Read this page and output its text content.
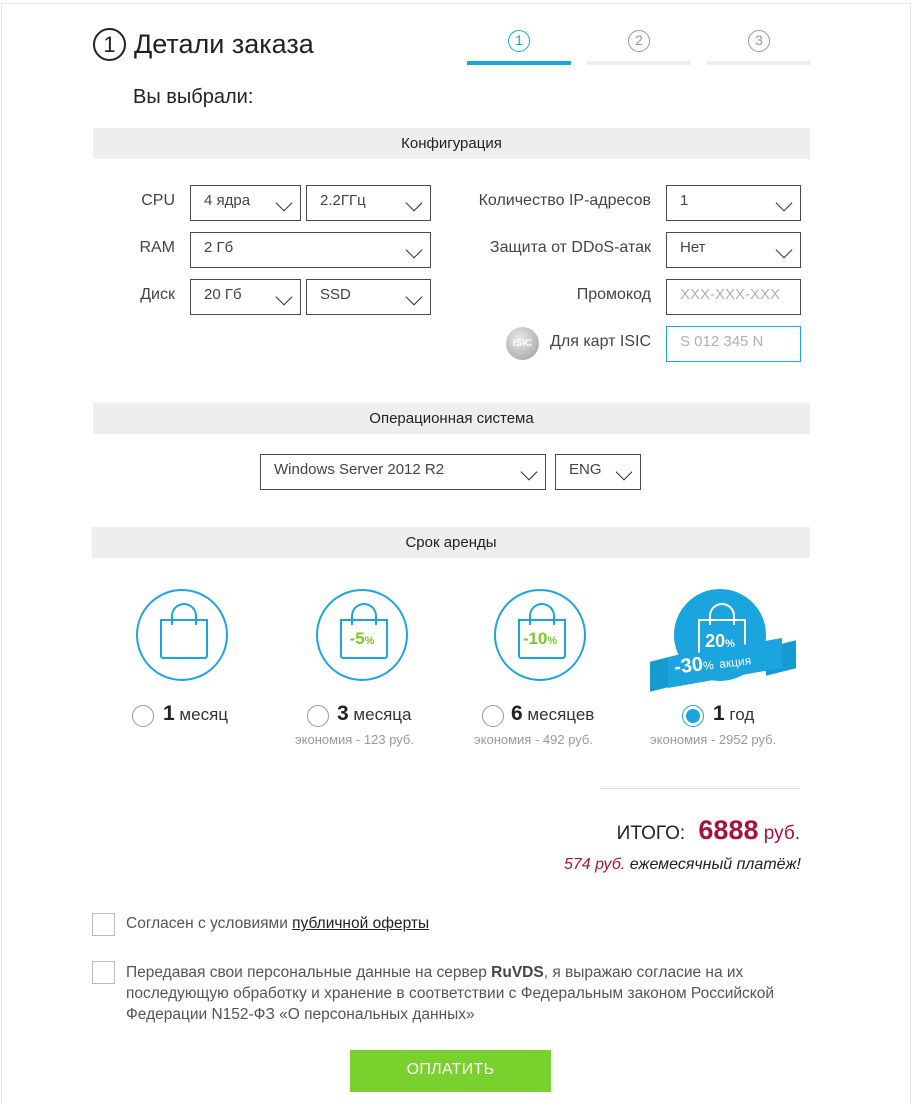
1 Детали заказа	1	2	3
Вы выбрали:
Конфигурация
CPU	4 ядра	2.2ГГц
RAM	2 Гб
Диск	20 Гб	SSD
Количество IP-адресов	1
Защита от DDoS-атак	Нет
Промокод	XXX-XXX-XXX
ISIC	Для карт ISIC	S 012 345 N
Операционная система
Windows Server 2012 R2	ENG
Срок аренды
1 месяц
-5%
3 месяца
экономия - 123 руб.
-10%
6 месяцев
экономия - 492 руб.
20%
-30% акция
1 год
экономия - 2952 руб.
ИТОГО: 6888 руб.
574 руб. ежемесячный платёж!
Согласен с условиями публичной оферты
Передавая свои персональные данные на сервер RuVDS, я выражаю согласие на их последующую обработку и хранение в соответствии с Федеральным законом Российской Федерации N152-ФЗ «О персональных данных»
ОПЛАТИТЬ
